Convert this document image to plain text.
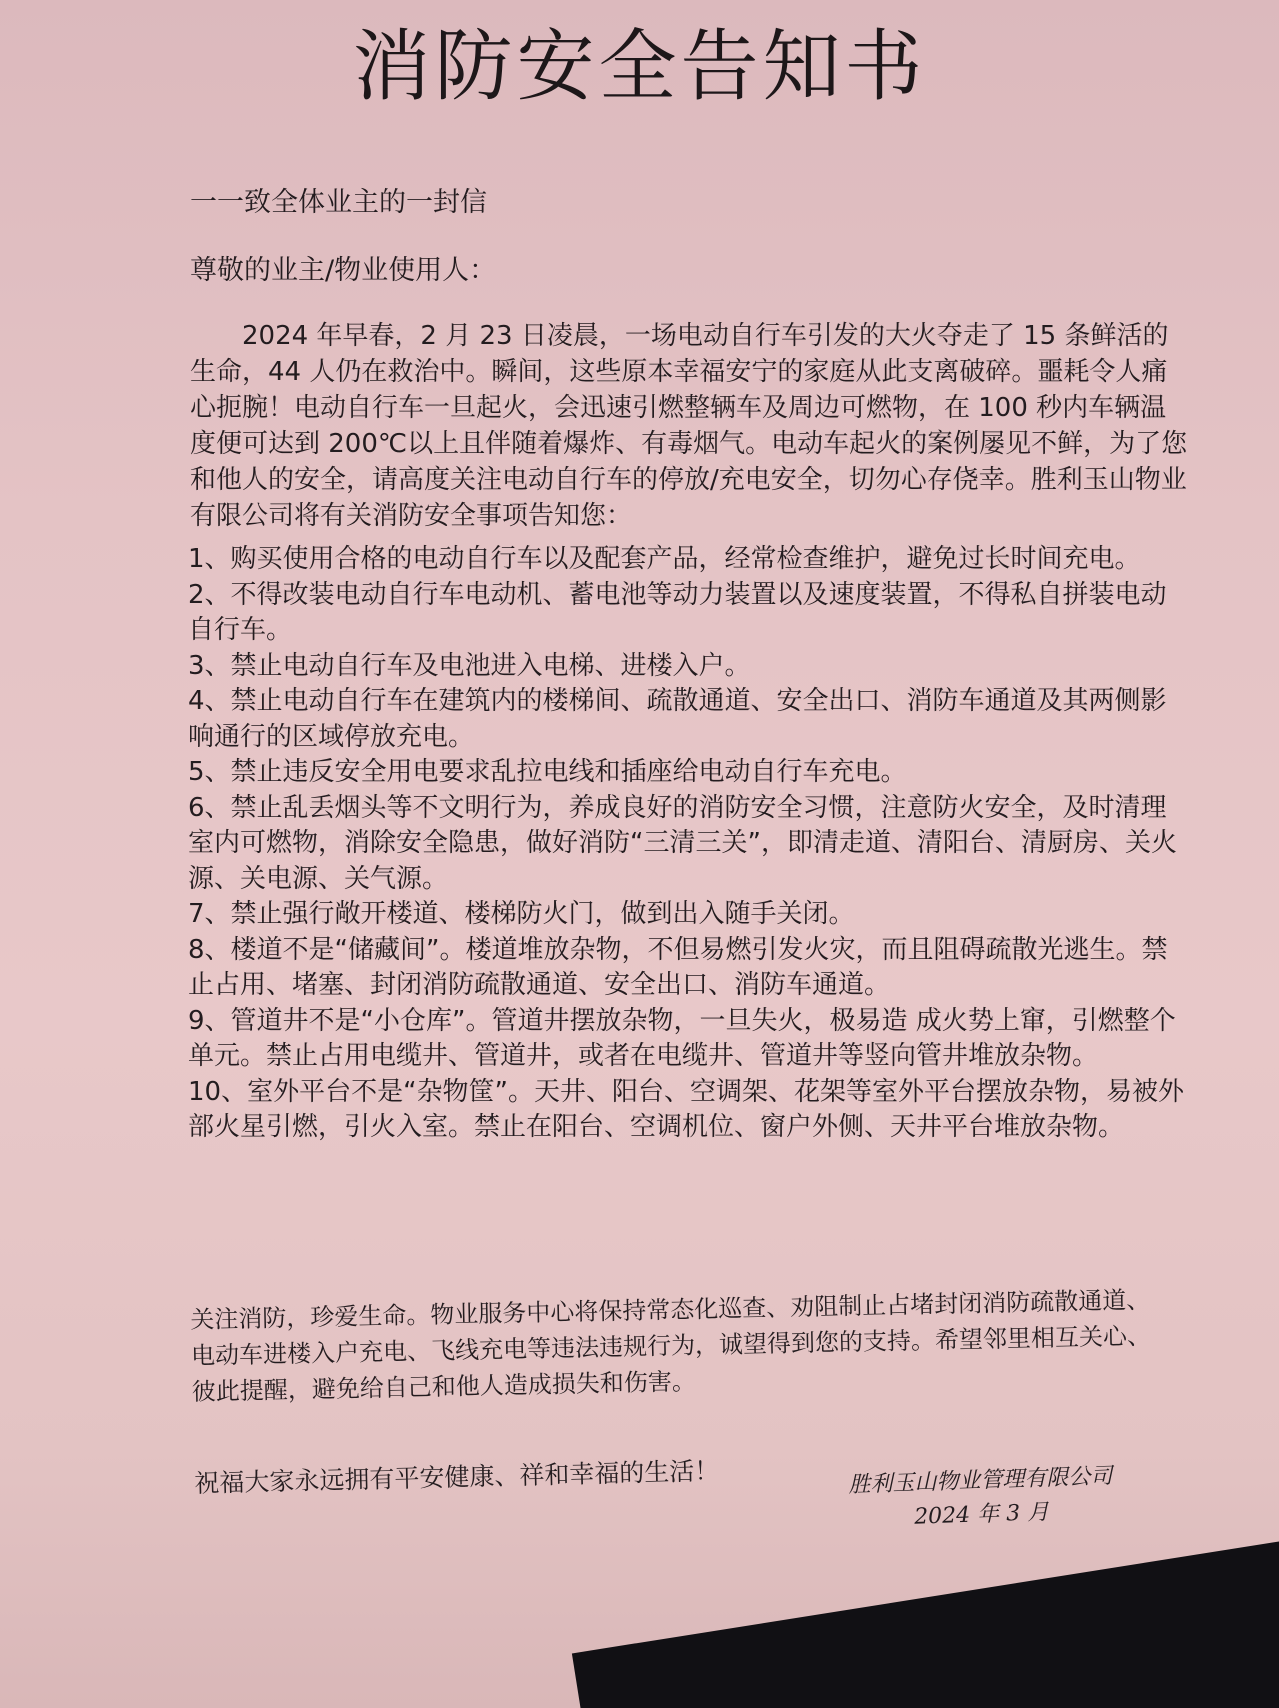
消防安全告知书
一一致全体业主的一封信
尊敬的业主/物业使用人：
2024 年早春，2 月 23 日凌晨，一场电动自行车引发的大火夺走了 15 条鲜活的生命，44 人仍在救治中。瞬间，这些原本幸福安宁的家庭从此支离破碎。噩耗令人痛心扼腕！电动自行车一旦起火，会迅速引燃整辆车及周边可燃物，在 100 秒内车辆温度便可达到 200℃以上且伴随着爆炸、有毒烟气。电动车起火的案例屡见不鲜，为了您和他人的安全，请高度关注电动自行车的停放/充电安全，切勿心存侥幸。胜利玉山物业有限公司将有关消防安全事项告知您：
1、购买使用合格的电动自行车以及配套产品，经常检查维护，避免过长时间充电。
2、不得改装电动自行车电动机、蓄电池等动力装置以及速度装置，不得私自拼装电动自行车。
3、禁止电动自行车及电池进入电梯、进楼入户。
4、禁止电动自行车在建筑内的楼梯间、疏散通道、安全出口、消防车通道及其两侧影响通行的区域停放充电。
5、禁止违反安全用电要求乱拉电线和插座给电动自行车充电。
6、禁止乱丢烟头等不文明行为，养成良好的消防安全习惯，注意防火安全，及时清理室内可燃物，消除安全隐患，做好消防“三清三关”，即清走道、清阳台、清厨房、关火源、关电源、关气源。
7、禁止强行敞开楼道、楼梯防火门，做到出入随手关闭。
8、楼道不是“储藏间”。楼道堆放杂物，不但易燃引发火灾，而且阻碍疏散光逃生。禁止占用、堵塞、封闭消防疏散通道、安全出口、消防车通道。
9、管道井不是“小仓库”。管道井摆放杂物，一旦失火，极易造 成火势上窜，引燃整个单元。禁止占用电缆井、管道井，或者在电缆井、管道井等竖向管井堆放杂物。
10、室外平台不是“杂物筐”。天井、阳台、空调架、花架等室外平台摆放杂物，易被外部火星引燃，引火入室。禁止在阳台、空调机位、窗户外侧、天井平台堆放杂物。
关注消防，珍爱生命。物业服务中心将保持常态化巡查、劝阻制止占堵封闭消防疏散通道、电动车进楼入户充电、飞线充电等违法违规行为，诚望得到您的支持。希望邻里相互关心、彼此提醒，避免给自己和他人造成损失和伤害。
祝福大家永远拥有平安健康、祥和幸福的生活！	胜利玉山物业管理有限公司
2024 年 3 月
